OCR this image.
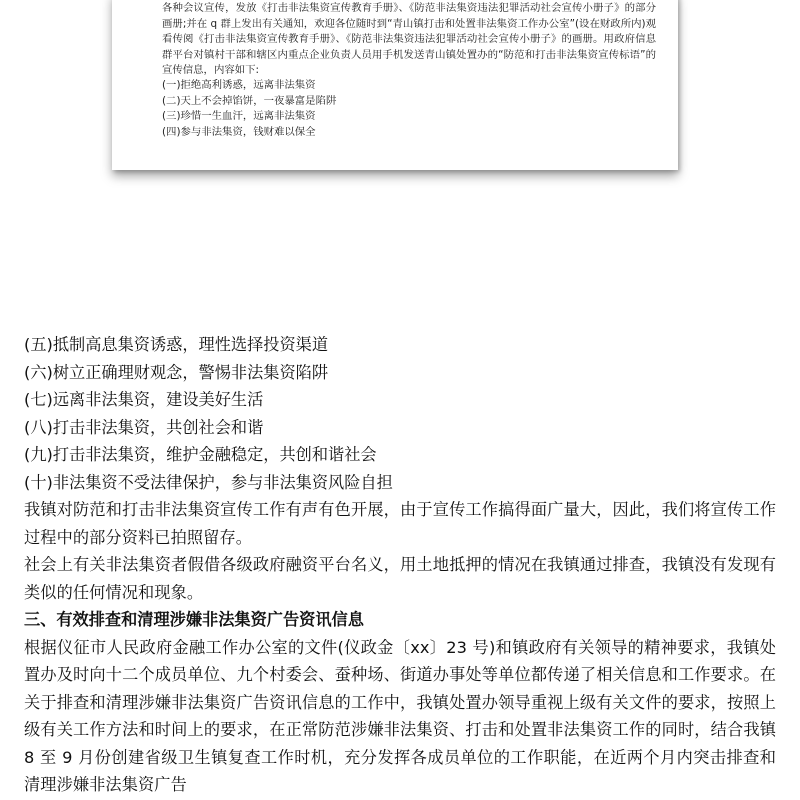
各种会议宣传，发放《打击非法集资宣传教育手册》、《防范非法集资违法犯罪活动社会宣传小册子》的部分画册;并在 q 群上发出有关通知，欢迎各位随时到“青山镇打击和处置非法集资工作办公室”(设在财政所内)观看传阅《打击非法集资宣传教育手册》、《防范非法集资违法犯罪活动社会宣传小册子》的画册。用政府信息群平台对镇村干部和辖区内重点企业负责人员用手机发送青山镇处置办的“防范和打击非法集资宣传标语”的宣传信息，内容如下:

(一)拒绝高利诱惑，远离非法集资
(二)天上不会掉馅饼，一夜暴富是陷阱
(三)珍惜一生血汗，远离非法集资
(四)参与非法集资，钱财难以保全
(五)抵制高息集资诱惑，理性选择投资渠道
(六)树立正确理财观念，警惕非法集资陷阱
(七)远离非法集资，建设美好生活
(八)打击非法集资，共创社会和谐
(九)打击非法集资，维护金融稳定，共创和谐社会
(十)非法集资不受法律保护，参与非法集资风险自担

我镇对防范和打击非法集资宣传工作有声有色开展，由于宣传工作搞得面广量大，因此，我们将宣传工作过程中的部分资料已拍照留存。

社会上有关非法集资者假借各级政府融资平台名义，用土地抵押的情况在我镇通过排查，我镇没有发现有类似的任何情况和现象。

三、有效排查和清理涉嫌非法集资广告资讯信息

根据仪征市人民政府金融工作办公室的文件(仪政金〔xx〕23 号)和镇政府有关领导的精神要求，我镇处置办及时向十二个成员单位、九个村委会、蚕种场、街道办事处等单位都传递了相关信息和工作要求。在关于排查和清理涉嫌非法集资广告资讯信息的工作中，我镇处置办领导重视上级有关文件的要求，按照上级有关工作方法和时间上的要求，在正常防范涉嫌非法集资、打击和处置非法集资工作的同时，结合我镇 8 至 9 月份创建省级卫生镇复查工作时机，充分发挥各成员单位的工作职能，在近两个月内突击排查和清理涉嫌非法集资广告
